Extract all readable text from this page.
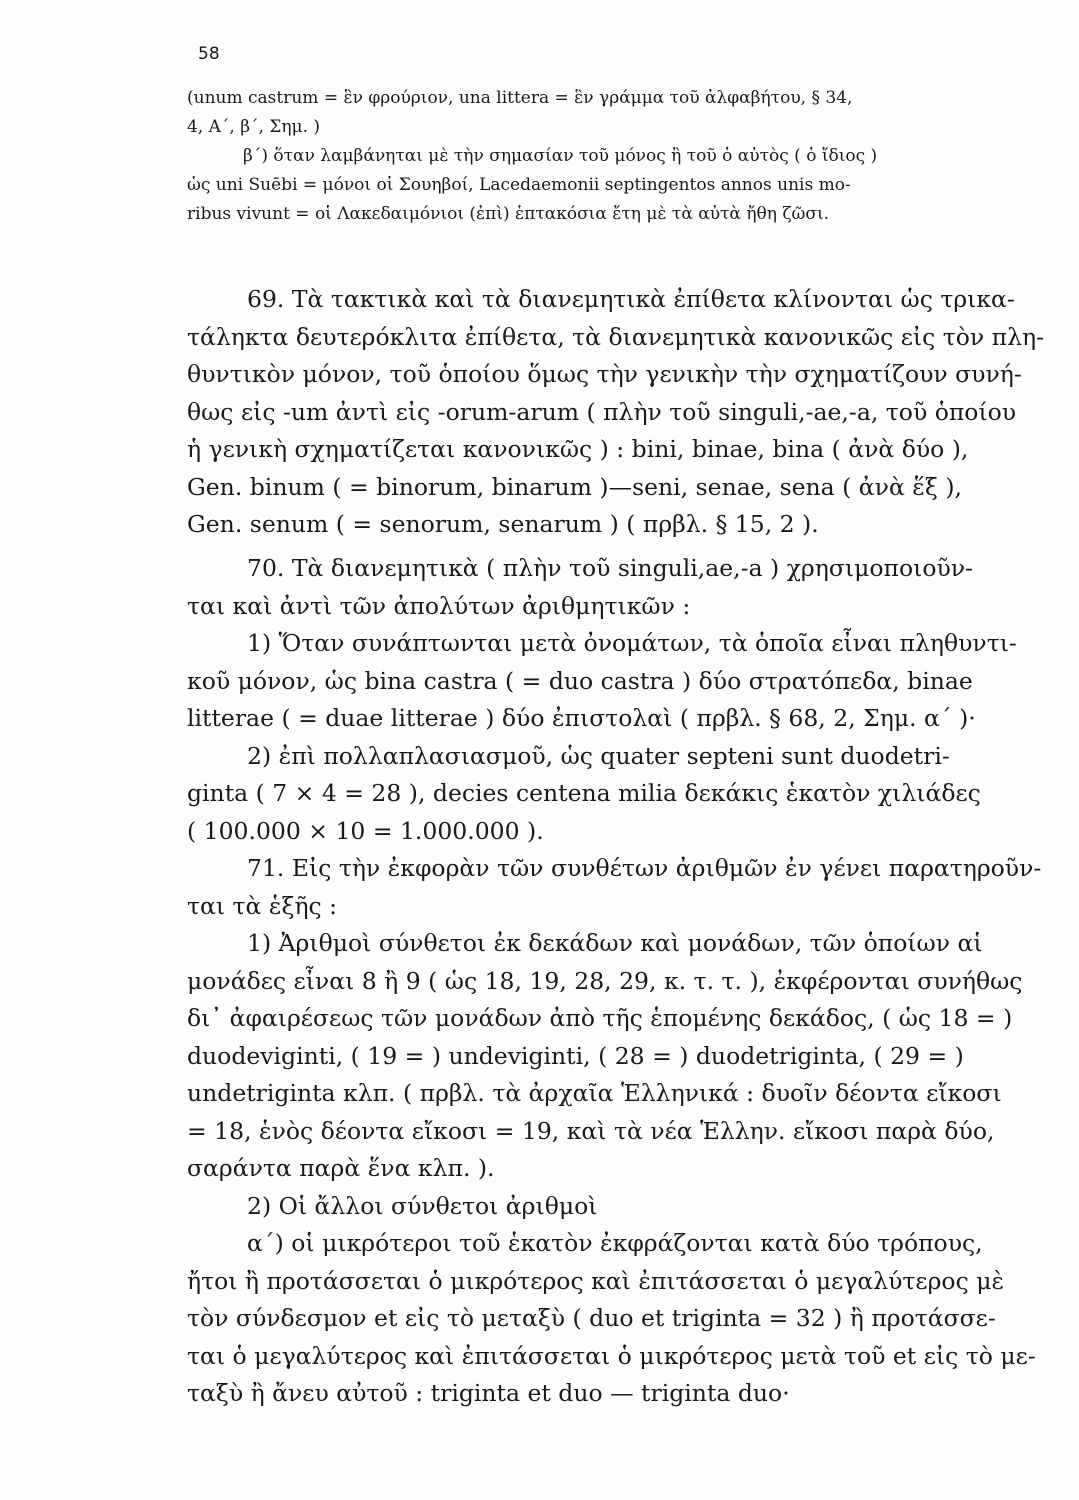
58
(unum castrum = ἓν φρούριον, una littera = ἓν γράμμα τοῦ ἀλφαβήτου, § 34,
4, Α΄, β΄, Σημ. )
β΄) ὅταν λαμβάνηται μὲ τὴν σημασίαν τοῦ μόνος ἢ τοῦ ὁ αὐτὸς ( ὁ ἴδιος )
ὡς uni Suēbi = μόνοι οἱ Σουηβοί, Lacedaemonii septingentos annos unis mo-
ribus vivunt = οἱ Λακεδαιμόνιοι (ἐπὶ) ἑπτακόσια ἔτη μὲ τὰ αὐτὰ ἤθη ζῶσι.
69. Τὰ τακτικὰ καὶ τὰ διανεμητικὰ ἐπίθετα κλίνονται ὡς τρικα-
τάληκτα δευτερόκλιτα ἐπίθετα, τὰ διανεμητικὰ κανονικῶς εἰς τὸν πλη-
θυντικὸν μόνον, τοῦ ὁποίου ὅμως τὴν γενικὴν τὴν σχηματίζουν συνή-
θως εἰς -um ἀντὶ εἰς -orum-arum ( πλὴν τοῦ singuli,-ae,-a, τοῦ ὁποίου
ἡ γενικὴ σχηματίζεται κανονικῶς ) : bini, binae, bina ( ἀνὰ δύο ),
Gen. binum ( = binorum, binarum )—seni, senae, sena ( ἀνὰ ἕξ ),
Gen. senum ( = senorum, senarum ) ( πρβλ. § 15, 2 ).
70. Τὰ διανεμητικὰ ( πλὴν τοῦ singuli,ae,-a ) χρησιμοποιοῦν-
ται καὶ ἀντὶ τῶν ἀπολύτων ἀριθμητικῶν :
1) Ὅταν συνάπτωνται μετὰ ὀνομάτων, τὰ ὁποῖα εἶναι πληθυντι-
κοῦ μόνον, ὡς bina castra ( = duo castra ) δύο στρατόπεδα, binae
litterae ( = duae litterae ) δύο ἐπιστολαὶ ( πρβλ. § 68, 2, Σημ. α΄ )·
2) ἐπὶ πολλαπλασιασμοῦ, ὡς quater septeni sunt duodetri-
ginta ( 7 × 4 = 28 ), decies centena milia δεκάκις ἑκατὸν χιλιάδες
( 100.000 × 10 = 1.000.000 ).
71. Εἰς τὴν ἐκφορὰν τῶν συνθέτων ἀριθμῶν ἐν γένει παρατηροῦν-
ται τὰ ἑξῆς :
1) Ἀριθμοὶ σύνθετοι ἐκ δεκάδων καὶ μονάδων, τῶν ὁποίων αἱ
μονάδες εἶναι 8 ἢ 9 ( ὡς 18, 19, 28, 29, κ. τ. τ. ), ἐκφέρονται συνήθως
δι᾿ ἀφαιρέσεως τῶν μονάδων ἀπὸ τῆς ἑπομένης δεκάδος, ( ὡς 18 = )
duodeviginti, ( 19 = ) undeviginti, ( 28 = ) duodetriginta, ( 29 = )
undetriginta κλπ. ( πρβλ. τὰ ἀρχαῖα Ἑλληνικά : δυοῖν δέοντα εἴκοσι
= 18, ἑνὸς δέοντα εἴκοσι = 19, καὶ τὰ νέα Ἑλλην. εἴκοσι παρὰ δύο,
σαράντα παρὰ ἕνα κλπ. ).
2) Οἱ ἄλλοι σύνθετοι ἀριθμοὶ
α΄) οἱ μικρότεροι τοῦ ἑκατὸν ἐκφράζονται κατὰ δύο τρόπους,
ἤτοι ἢ προτάσσεται ὁ μικρότερος καὶ ἐπιτάσσεται ὁ μεγαλύτερος μὲ
τὸν σύνδεσμον et εἰς τὸ μεταξὺ ( duo et triginta = 32 ) ἢ προτάσσε-
ται ὁ μεγαλύτερος καὶ ἐπιτάσσεται ὁ μικρότερος μετὰ τοῦ et εἰς τὸ με-
ταξὺ ἢ ἄνευ αὐτοῦ : triginta et duo — triginta duo·
